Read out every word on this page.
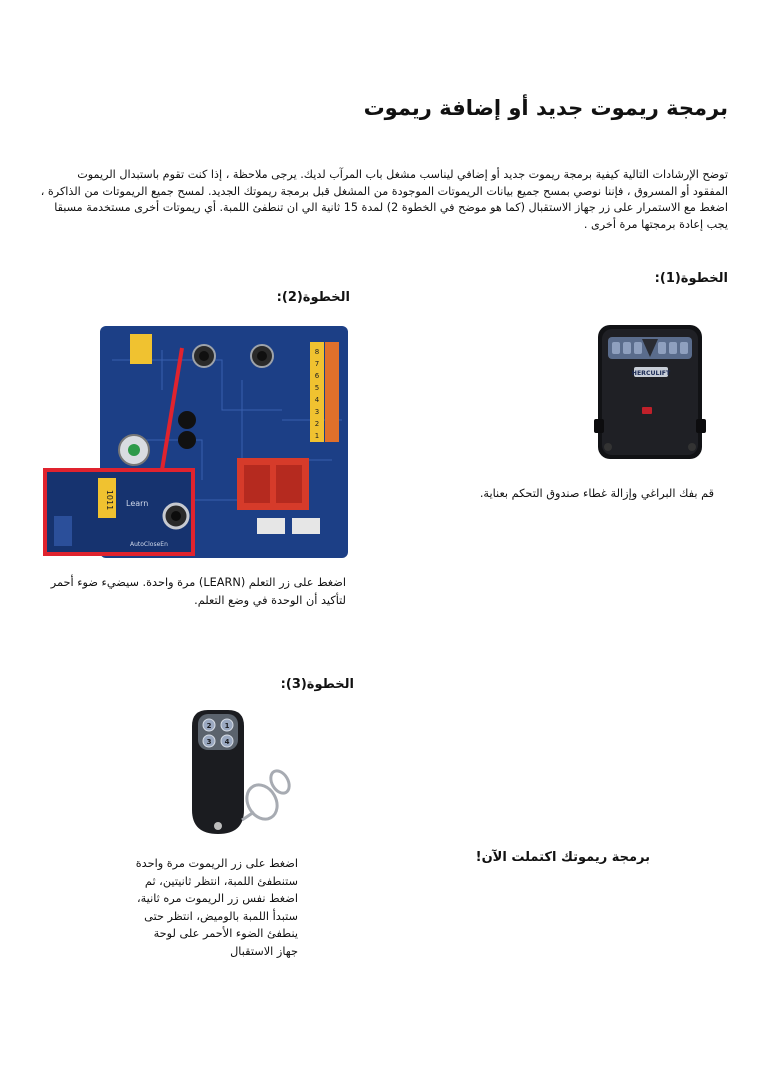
برمجة ريموت جديد أو إضافة ريموت
توضح الإرشادات التالية كيفية برمجة ريموت جديد أو إضافي ليناسب مشغل باب المرآب لديك. يرجى ملاحظة ، إذا كنت تقوم باستبدال الريموت
المفقود أو المسروق ، فإننا نوصي بمسح جميع بيانات الريموتات الموجودة من المشغل قبل برمجة ريموتك الجديد. لمسح جميع الريموتات من الذاكرة ،
اضغط مع الاستمرار على زر جهاز الاستقبال (كما هو موضح في الخطوة 2) لمدة 15 ثانية الي ان تنطفئ اللمبة. أي ريموتات أخرى مستخدمة مسبقا
يجب إعادة برمجتها مرة أخرى .
الخطوة(1):
HERCULIFT
قم بفك البراغي وإزالة غطاء صندوق التحكم بعناية.
الخطوة(2):
8
7
6
5
4
3
2
1
1011 Learn
AutoCloseEn
اضغط على زر التعلم (LEARN) مرة واحدة. سيضيء ضوء أحمر
لتأكيد أن الوحدة في وضع التعلم.
الخطوة(3):
2 1
3 4
اضغط على زر الريموت مرة واحدة
ستنطفئ اللمبة، انتظر ثانيتين، ثم
اضغط نفس زر الريموت مره ثانية،
ستبدأ اللمبة بالوميض، انتظر حتى
ينطفئ الضوء الأحمر على لوحة
جهاز الاستقبال
برمجة ريموتك اكتملت الآن!
